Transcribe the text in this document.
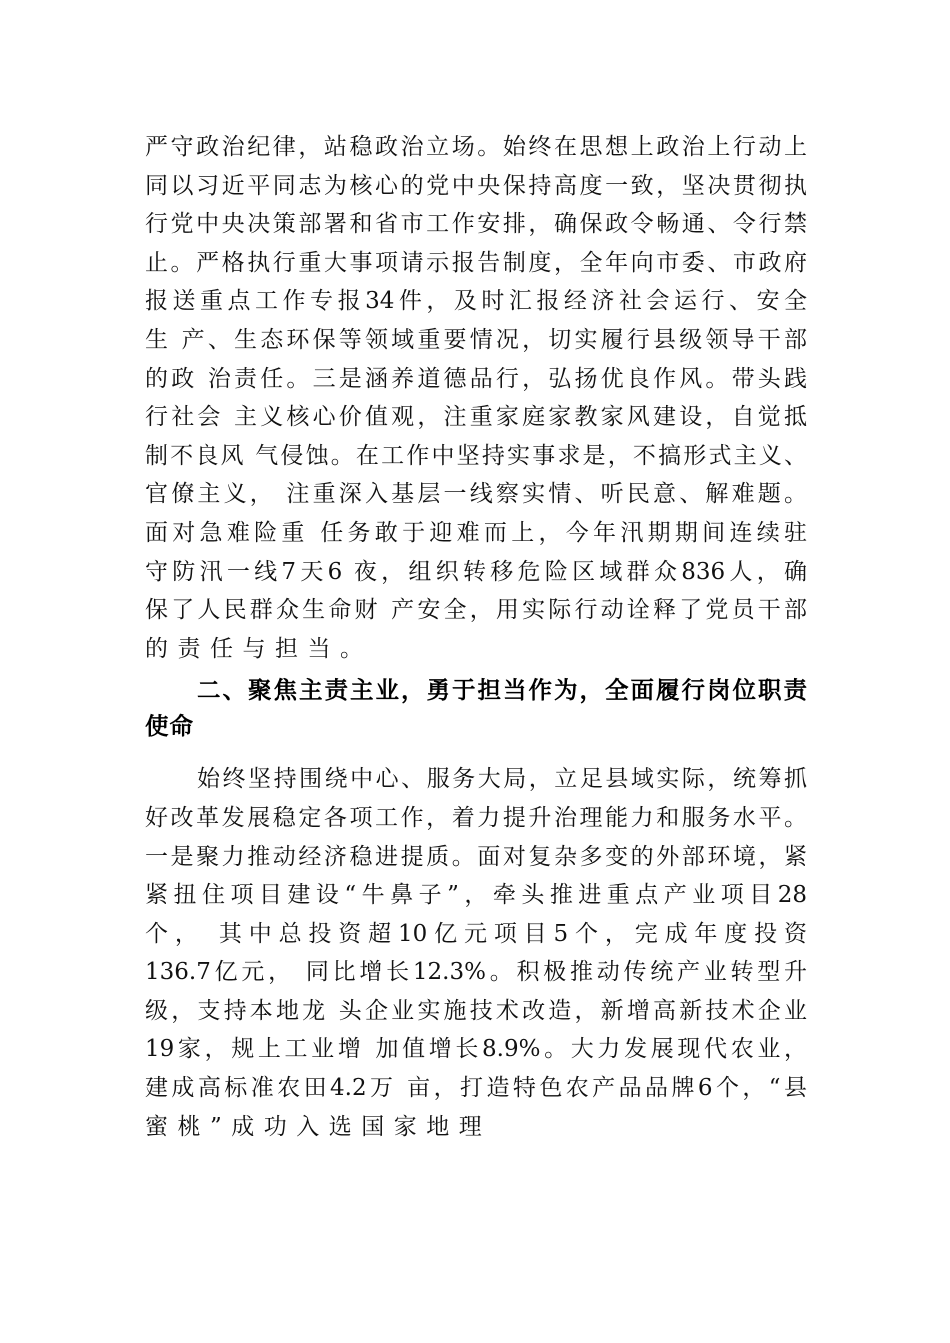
严守政治纪律，站稳政治立场。始终在思想上政治上行动上
同以习近平同志为核心的党中央保持高度一致，坚决贯彻执
行党中央决策部署和省市工作安排，确保政令畅通、令行禁
止。严格执行重大事项请示报告制度，全年向市委、市政府
报送重点工作专报34件，及时汇报经济社会运行、安全
生 产、生态环保等领域重要情况，切实履行县级领导干部
的政 治责任。三是涵养道德品行，弘扬优良作风。带头践
行社会 主义核心价值观，注重家庭家教家风建设，自觉抵
制不良风 气侵蚀。在工作中坚持实事求是，不搞形式主义、
官僚主义， 注重深入基层一线察实情、听民意、解难题。
面对急难险重 任务敢于迎难而上，今年汛期期间连续驻
守防汛一线7天6 夜，组织转移危险区域群众836人，确
保了人民群众生命财 产安全，用实际行动诠释了党员干部
的责任与担当。
二、聚焦主责主业，勇于担当作为，全面履行岗位职责
使命
始终坚持围绕中心、服务大局，立足县域实际，统筹抓
好改革发展稳定各项工作，着力提升治理能力和服务水平。
一是聚力推动经济稳进提质。面对复杂多变的外部环境，紧
紧扭住项目建设“牛鼻子”，牵头推进重点产业项目28
个， 其中总投资超10亿元项目5个，完成年度投资
136.7亿元， 同比增长12.3%。积极推动传统产业转型升
级，支持本地龙 头企业实施技术改造，新增高新技术企业
19家，规上工业增 加值增长8.9%。大力发展现代农业，
建成高标准农田4.2万 亩，打造特色农产品品牌6个，“县
蜜桃”成功入选国家地理
